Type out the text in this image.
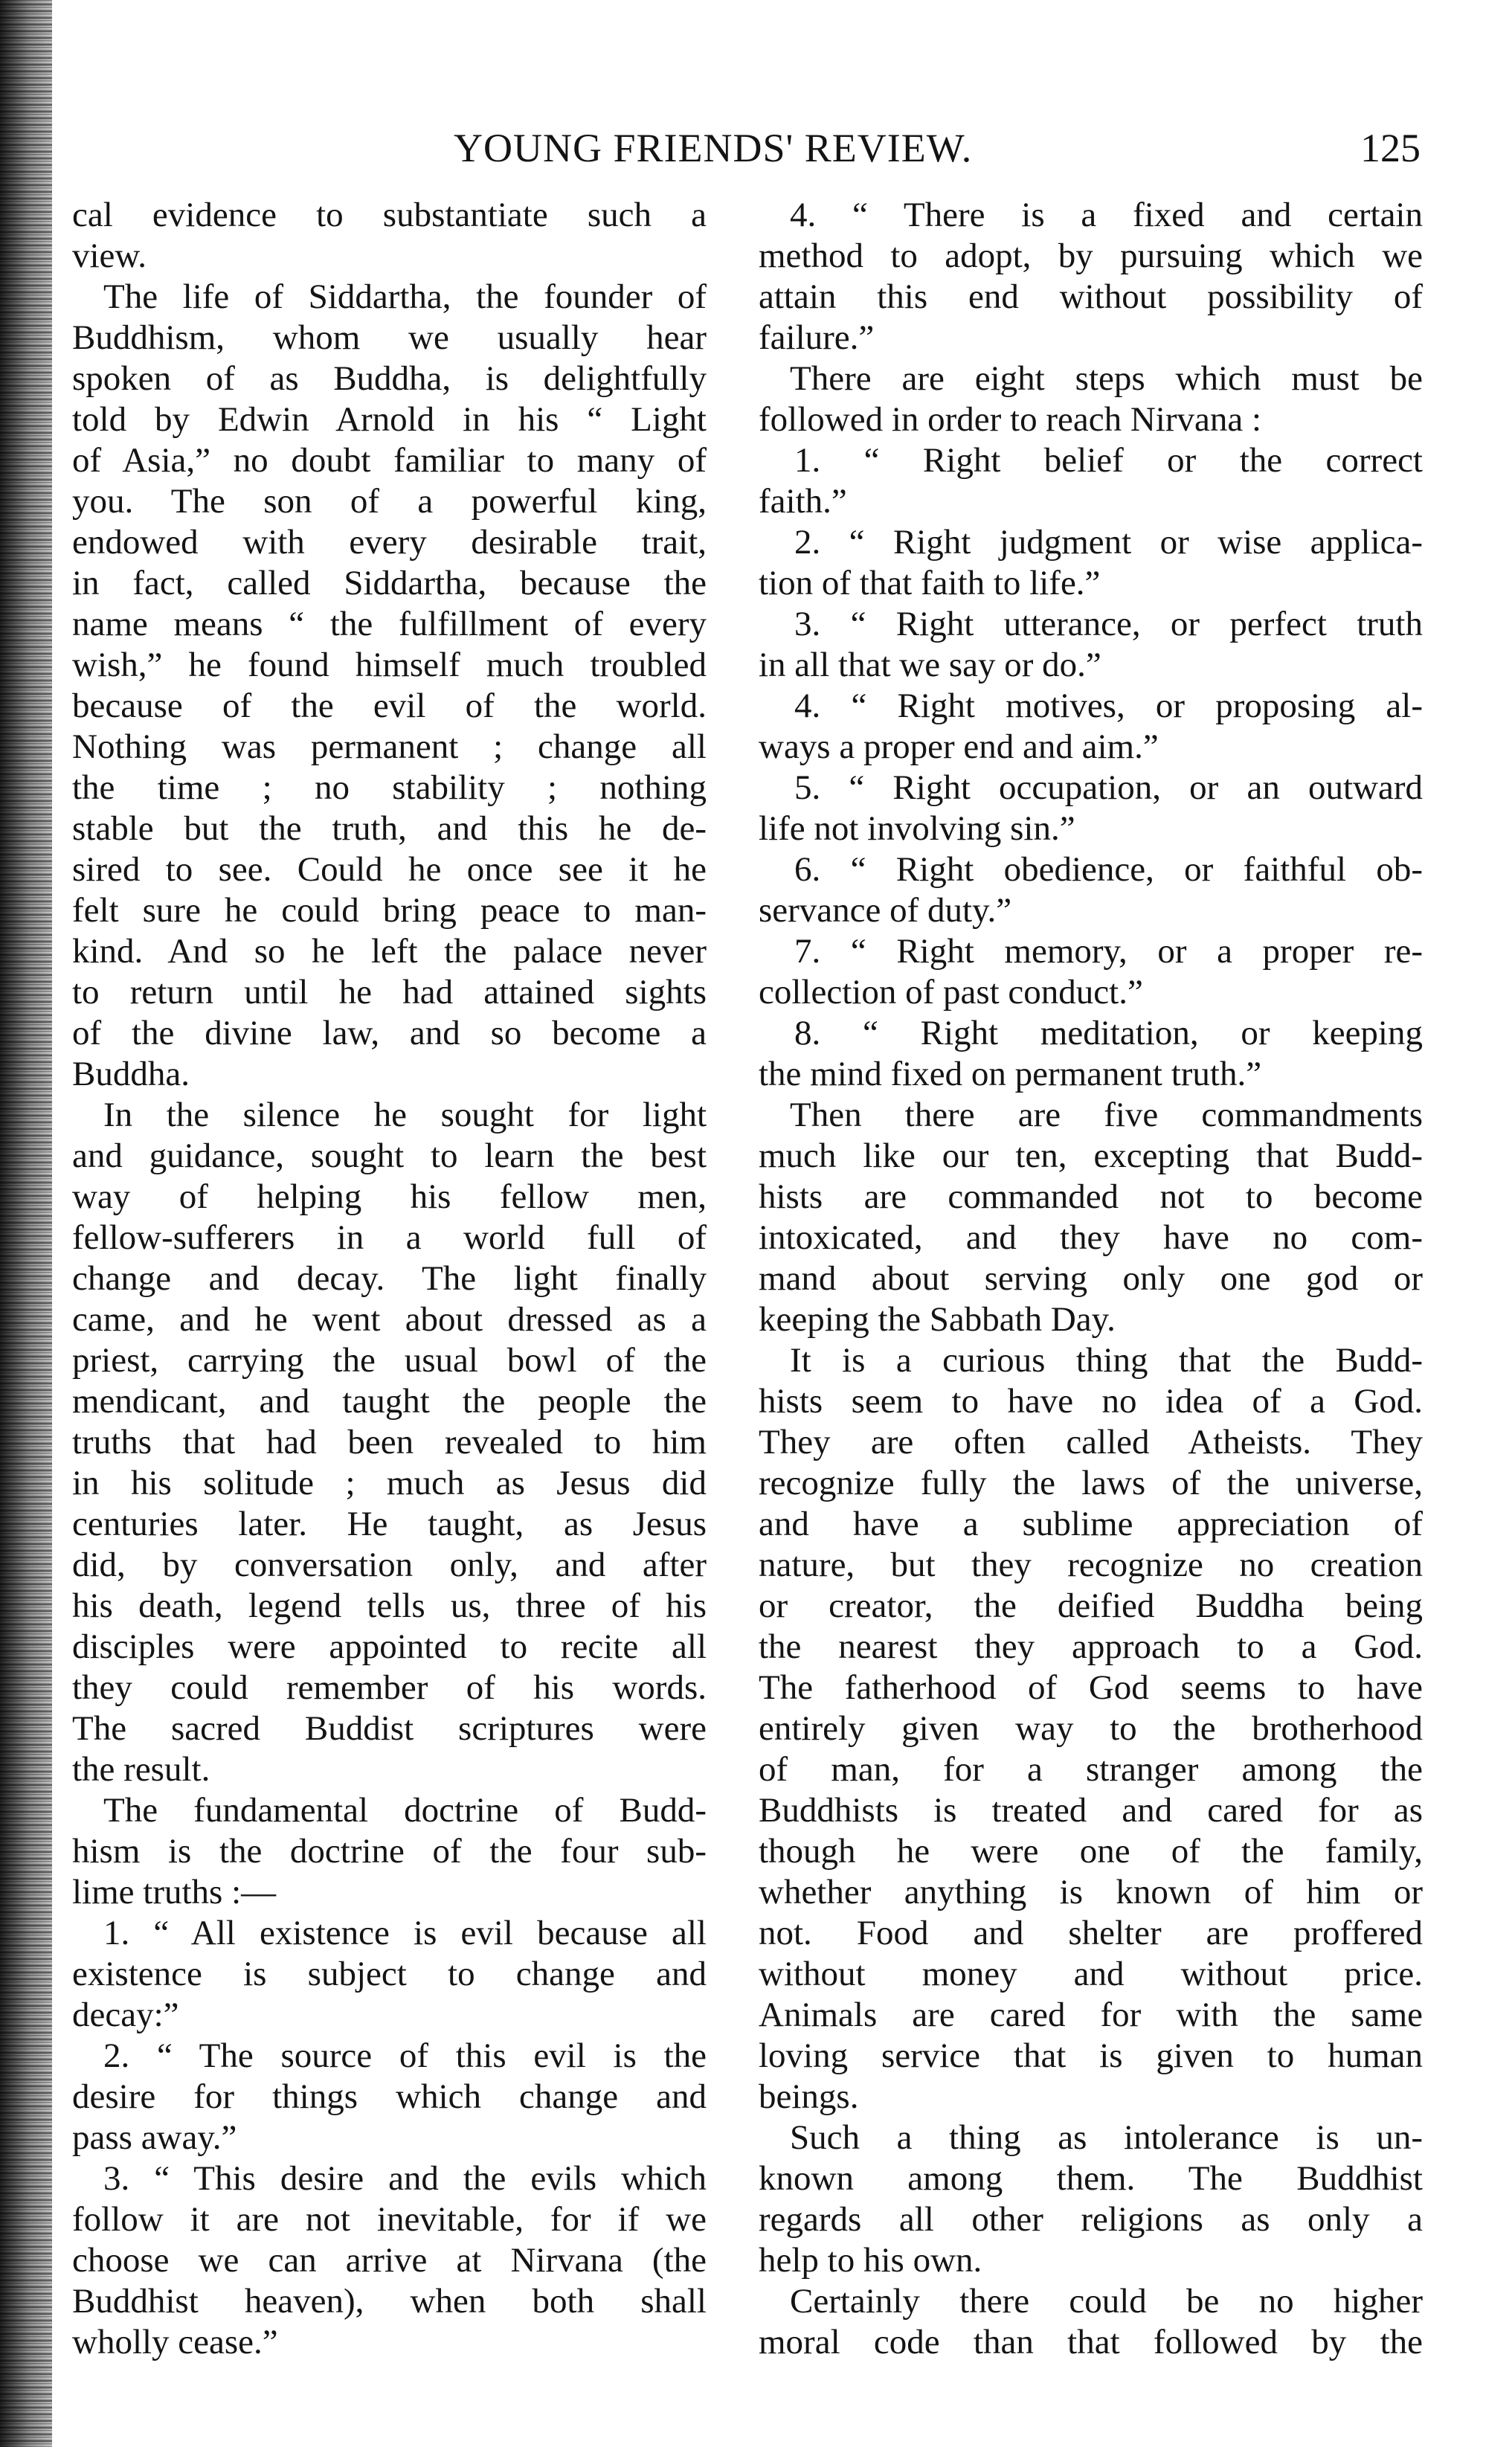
YOUNG FRIENDS' REVIEW.	125
cal evidence to substantiate such a
view.
The life of Siddartha, the founder of
Buddhism, whom we usually hear
spoken of as Buddha, is delightfully
told by Edwin Arnold in his “ Light
of Asia,” no doubt familiar to many of
you. The son of a powerful king,
endowed with every desirable trait,
in fact, called Siddartha, because the
name means “ the fulfillment of every
wish,” he found himself much troubled
because of the evil of the world.
Nothing was permanent ; change all
the time ; no stability ; nothing
stable but the truth, and this he de-
sired to see. Could he once see it he
felt sure he could bring peace to man-
kind. And so he left the palace never
to return until he had attained sights
of the divine law, and so become a
Buddha.
In the silence he sought for light
and guidance, sought to learn the best
way of helping his fellow men,
fellow-sufferers in a world full of
change and decay. The light finally
came, and he went about dressed as a
priest, carrying the usual bowl of the
mendicant, and taught the people the
truths that had been revealed to him
in his solitude ; much as Jesus did
centuries later. He taught, as Jesus
did, by conversation only, and after
his death, legend tells us, three of his
disciples were appointed to recite all
they could remember of his words.
The sacred Buddist scriptures were
the result.
The fundamental doctrine of Budd-
hism is the doctrine of the four sub-
lime truths :—
1. “ All existence is evil because all
existence is subject to change and
decay:”
2. “ The source of this evil is the
desire for things which change and
pass away.”
3. “ This desire and the evils which
follow it are not inevitable, for if we
choose we can arrive at Nirvana (the
Buddhist heaven), when both shall
wholly cease.”
4. “ There is a fixed and certain
method to adopt, by pursuing which we
attain this end without possibility of
failure.”
There are eight steps which must be
followed in order to reach Nirvana :
1. “ Right belief or the correct
faith.”
2. “ Right judgment or wise applica-
tion of that faith to life.”
3. “ Right utterance, or perfect truth
in all that we say or do.”
4. “ Right motives, or proposing al-
ways a proper end and aim.”
5. “ Right occupation, or an outward
life not involving sin.”
6. “ Right obedience, or faithful ob-
servance of duty.”
7. “ Right memory, or a proper re-
collection of past conduct.”
8. “ Right meditation, or keeping
the mind fixed on permanent truth.”
Then there are five commandments
much like our ten, excepting that Budd-
hists are commanded not to become
intoxicated, and they have no com-
mand about serving only one god or
keeping the Sabbath Day.
It is a curious thing that the Budd-
hists seem to have no idea of a God.
They are often called Atheists. They
recognize fully the laws of the universe,
and have a sublime appreciation of
nature, but they recognize no creation
or creator, the deified Buddha being
the nearest they approach to a God.
The fatherhood of God seems to have
entirely given way to the brotherhood
of man, for a stranger among the
Buddhists is treated and cared for as
though he were one of the family,
whether anything is known of him or
not. Food and shelter are proffered
without money and without price.
Animals are cared for with the same
loving service that is given to human
beings.
Such a thing as intolerance is un-
known among them. The Buddhist
regards all other religions as only a
help to his own.
Certainly there could be no higher
moral code than that followed by the
